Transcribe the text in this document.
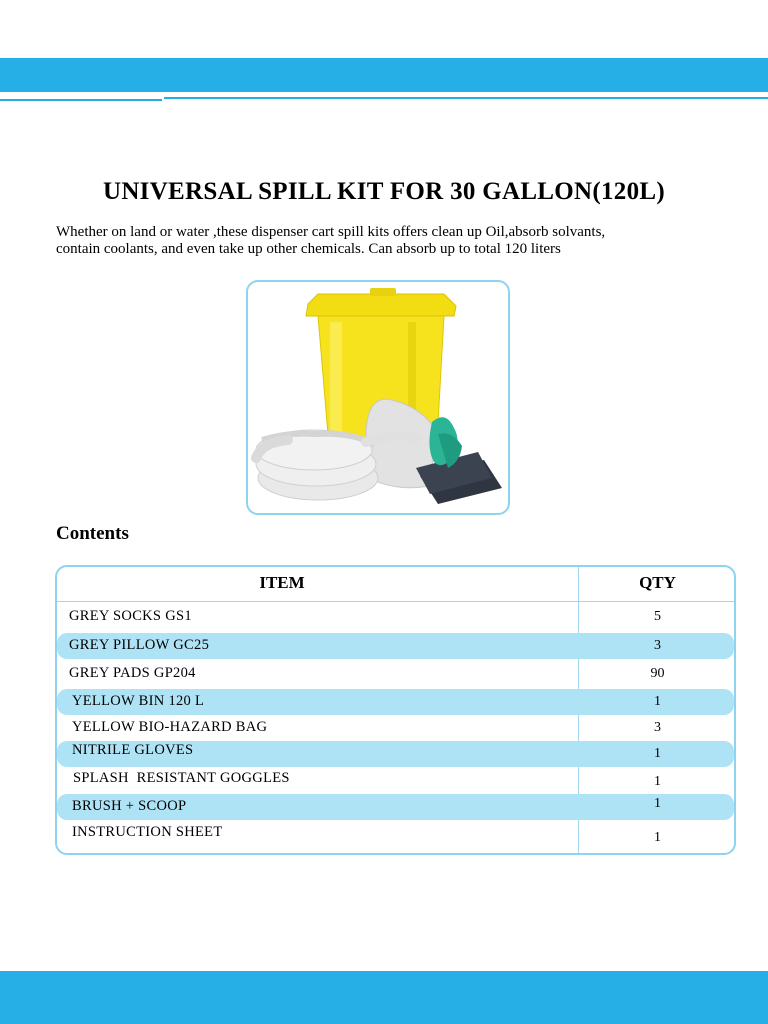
UNIVERSAL SPILL KIT FOR 30 GALLON(120L)

Whether on land or water ,these dispenser cart spill kits offers clean up Oil,absorb solvants,
contain coolants, and even take up other chemicals. Can absorb up to total 120 liters

Contents
ITEM	QTY
GREY SOCKS GS1	5
GREY PILLOW GC25	3
GREY PADS GP204	90
YELLOW BIN 120 L	1
YELLOW BIO-HAZARD BAG	3
NITRILE GLOVES	1
SPLASH  RESISTANT GOGGLES	1
BRUSH + SCOOP	1
INSTRUCTION SHEET	1
